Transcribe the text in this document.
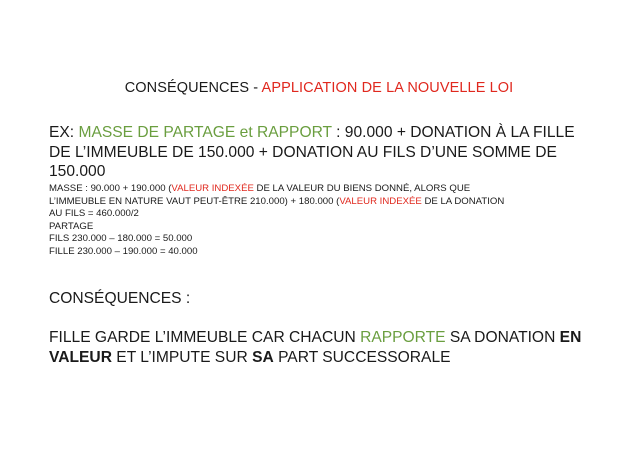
CONSÉQUENCES - APPLICATION DE LA NOUVELLE LOI
EX: MASSE DE PARTAGE et RAPPORT : 90.000 + DONATION À LA FILLE
DE L’IMMEUBLE DE 150.000 + DONATION AU FILS D’UNE SOMME DE
150.000
MASSE : 90.000 + 190.000 (VALEUR INDEXÉE DE LA VALEUR DU BIENS DONNÉ, ALORS QUE
L’IMMEUBLE EN NATURE VAUT PEUT-ÊTRE 210.000) + 180.000 (VALEUR INDEXÉE DE LA DONATION
AU FILS = 460.000/2
PARTAGE
FILS 230.000 – 180.000 = 50.000
FILLE 230.000 – 190.000 = 40.000
CONSÉQUENCES :

FILLE GARDE L’IMMEUBLE CAR CHACUN RAPPORTE SA DONATION EN
VALEUR ET L’IMPUTE SUR SA PART SUCCESSORALE
